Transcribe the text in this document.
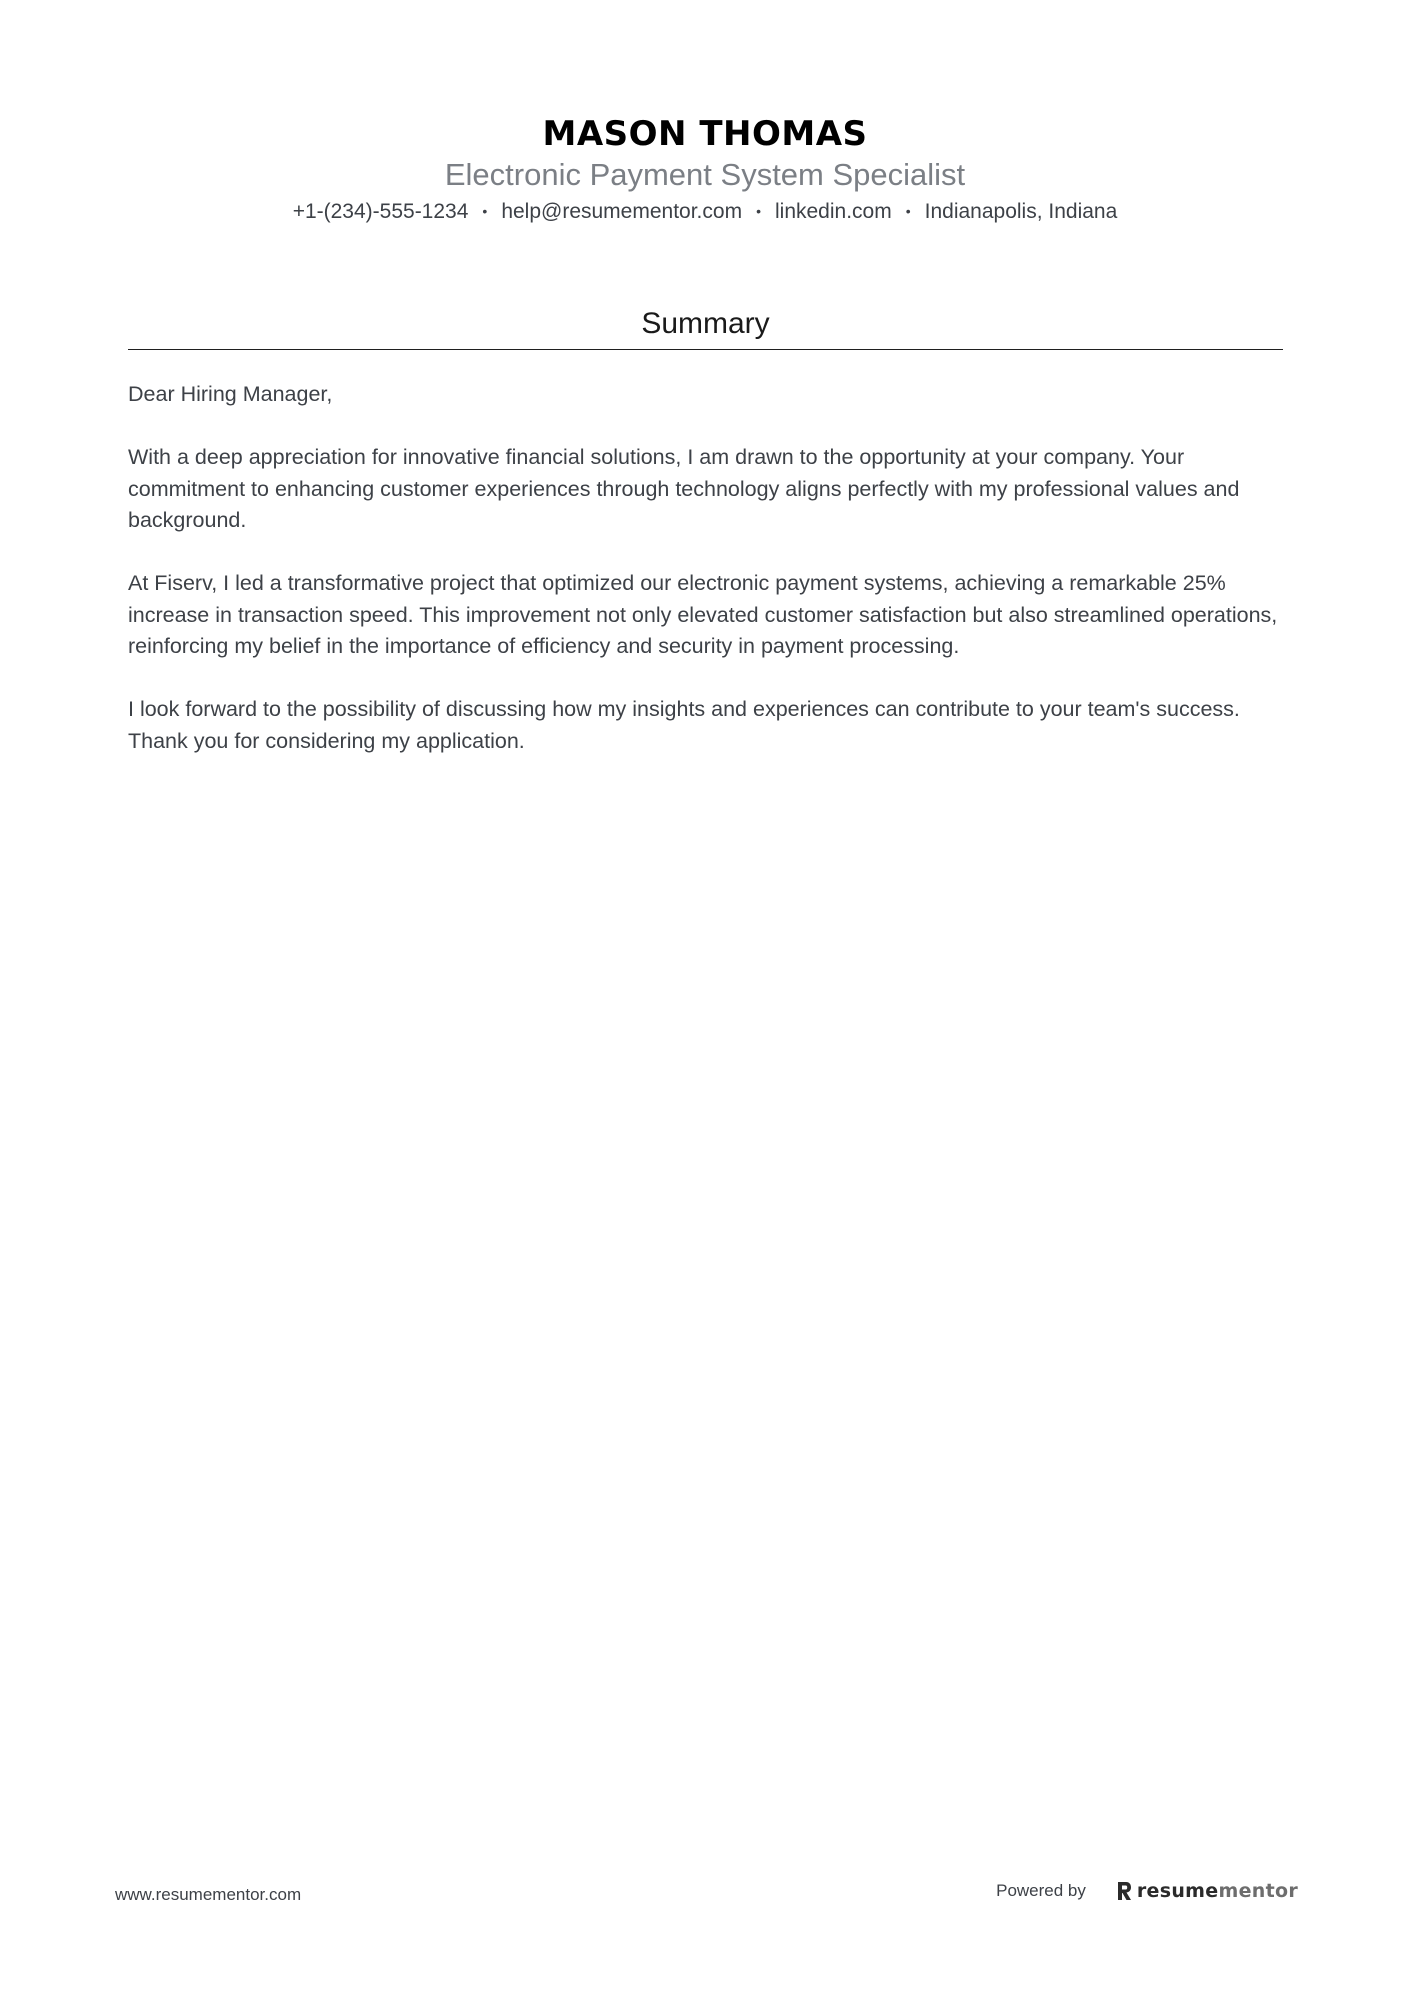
MASON THOMAS
Electronic Payment System Specialist
+1-(234)-555-1234 • help@resumementor.com • linkedin.com • Indianapolis, Indiana
Summary

Dear Hiring Manager,

With a deep appreciation for innovative financial solutions, I am drawn to the opportunity at your company. Your commitment to enhancing customer experiences through technology aligns perfectly with my professional values and background.

At Fiserv, I led a transformative project that optimized our electronic payment systems, achieving a remarkable 25% increase in transaction speed. This improvement not only elevated customer satisfaction but also streamlined operations, reinforcing my belief in the importance of efficiency and security in payment processing.

I look forward to the possibility of discussing how my insights and experiences can contribute to your team's success. Thank you for considering my application.

www.resumementor.com	Powered by	resumementor
